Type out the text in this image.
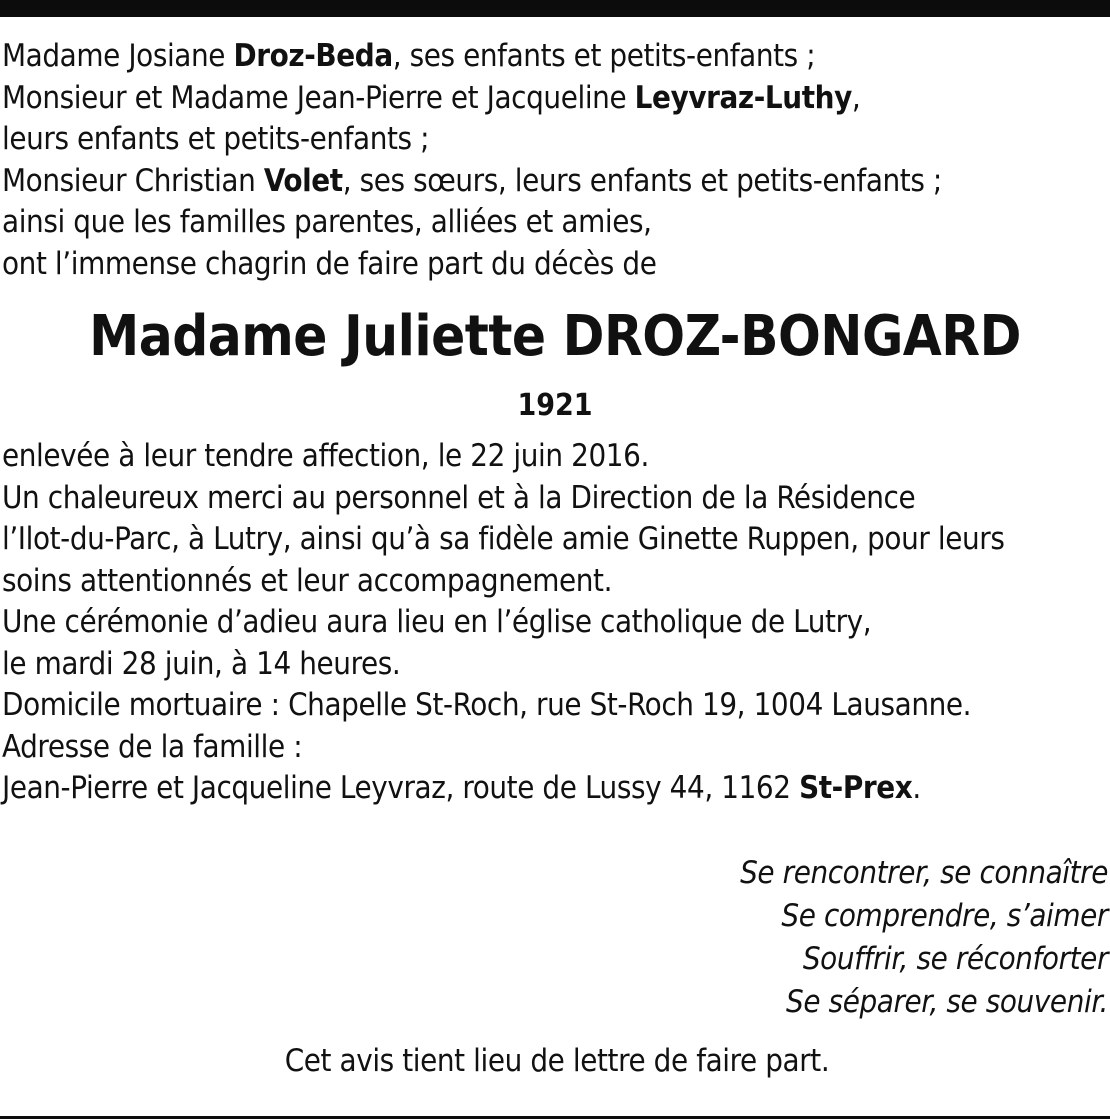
Madame Josiane Droz-Beda, ses enfants et petits-enfants ;
Monsieur et Madame Jean-Pierre et Jacqueline Leyvraz-Luthy,
leurs enfants et petits-enfants ;
Monsieur Christian Volet, ses sœurs, leurs enfants et petits-enfants ;
ainsi que les familles parentes, alliées et amies,
ont l’immense chagrin de faire part du décès de
Madame Juliette DROZ-BONGARD
1921
enlevée à leur tendre affection, le 22 juin 2016.
Un chaleureux merci au personnel et à la Direction de la Résidence
l’Ilot-du-Parc, à Lutry, ainsi qu’à sa fidèle amie Ginette Ruppen, pour leurs
soins attentionnés et leur accompagnement.
Une cérémonie d’adieu aura lieu en l’église catholique de Lutry,
le mardi 28 juin, à 14 heures.
Domicile mortuaire : Chapelle St-Roch, rue St-Roch 19, 1004 Lausanne.
Adresse de la famille :
Jean-Pierre et Jacqueline Leyvraz, route de Lussy 44, 1162 St-Prex.
Se rencontrer, se connaître
Se comprendre, s’aimer
Souffrir, se réconforter
Se séparer, se souvenir.
Cet avis tient lieu de lettre de faire part.
